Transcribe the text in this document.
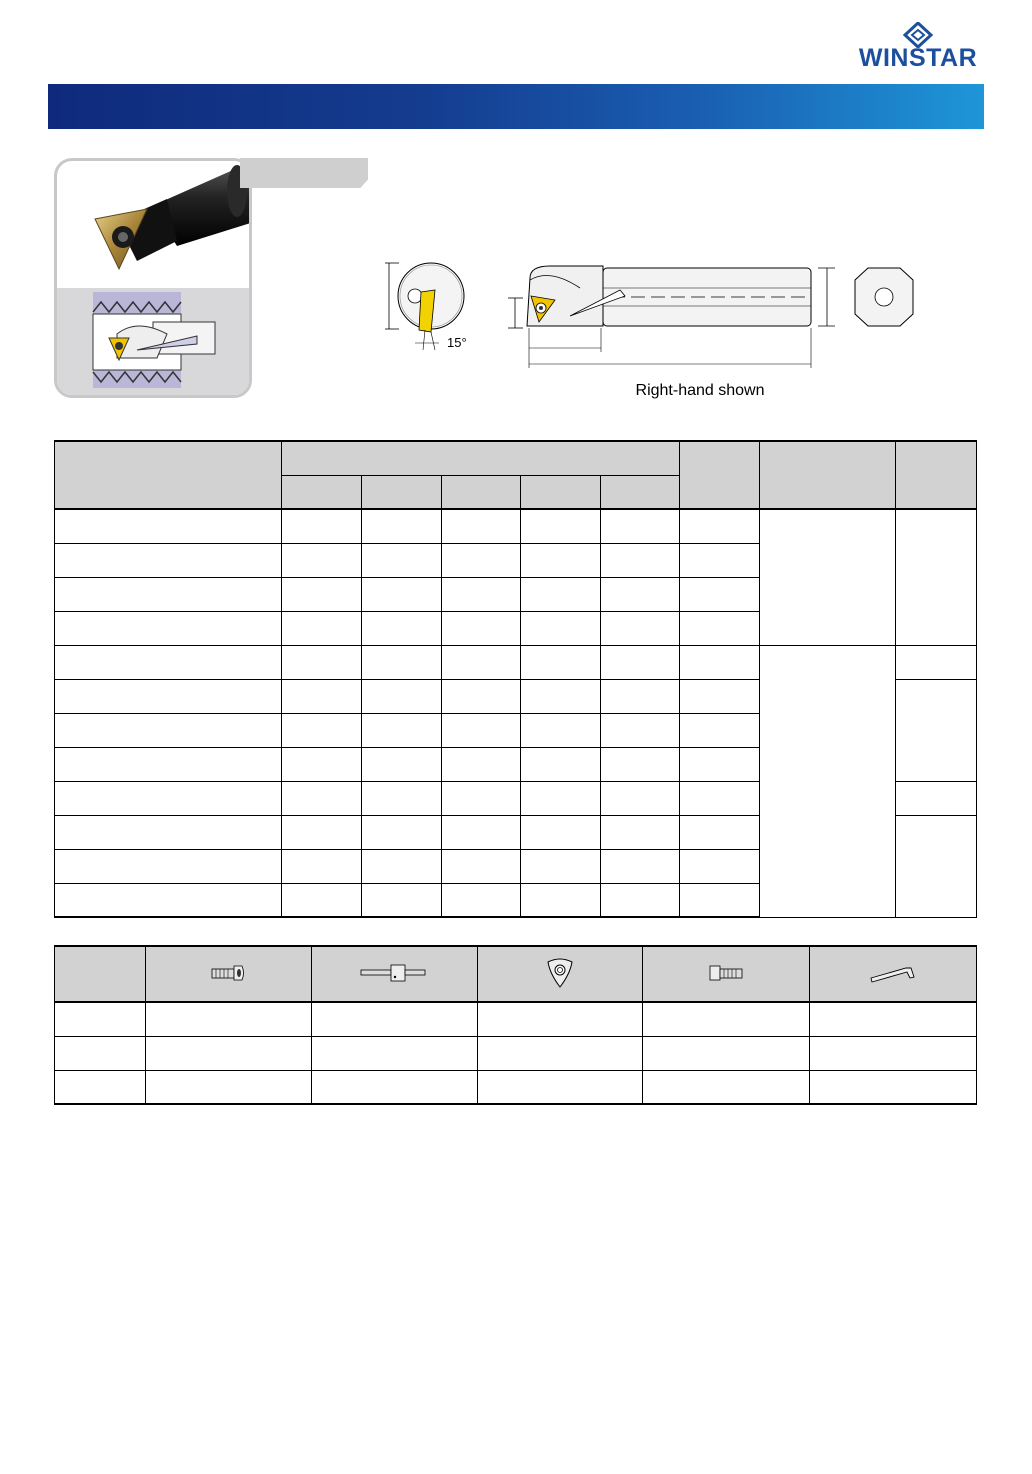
WINSTAR
15°
Right-hand shown
